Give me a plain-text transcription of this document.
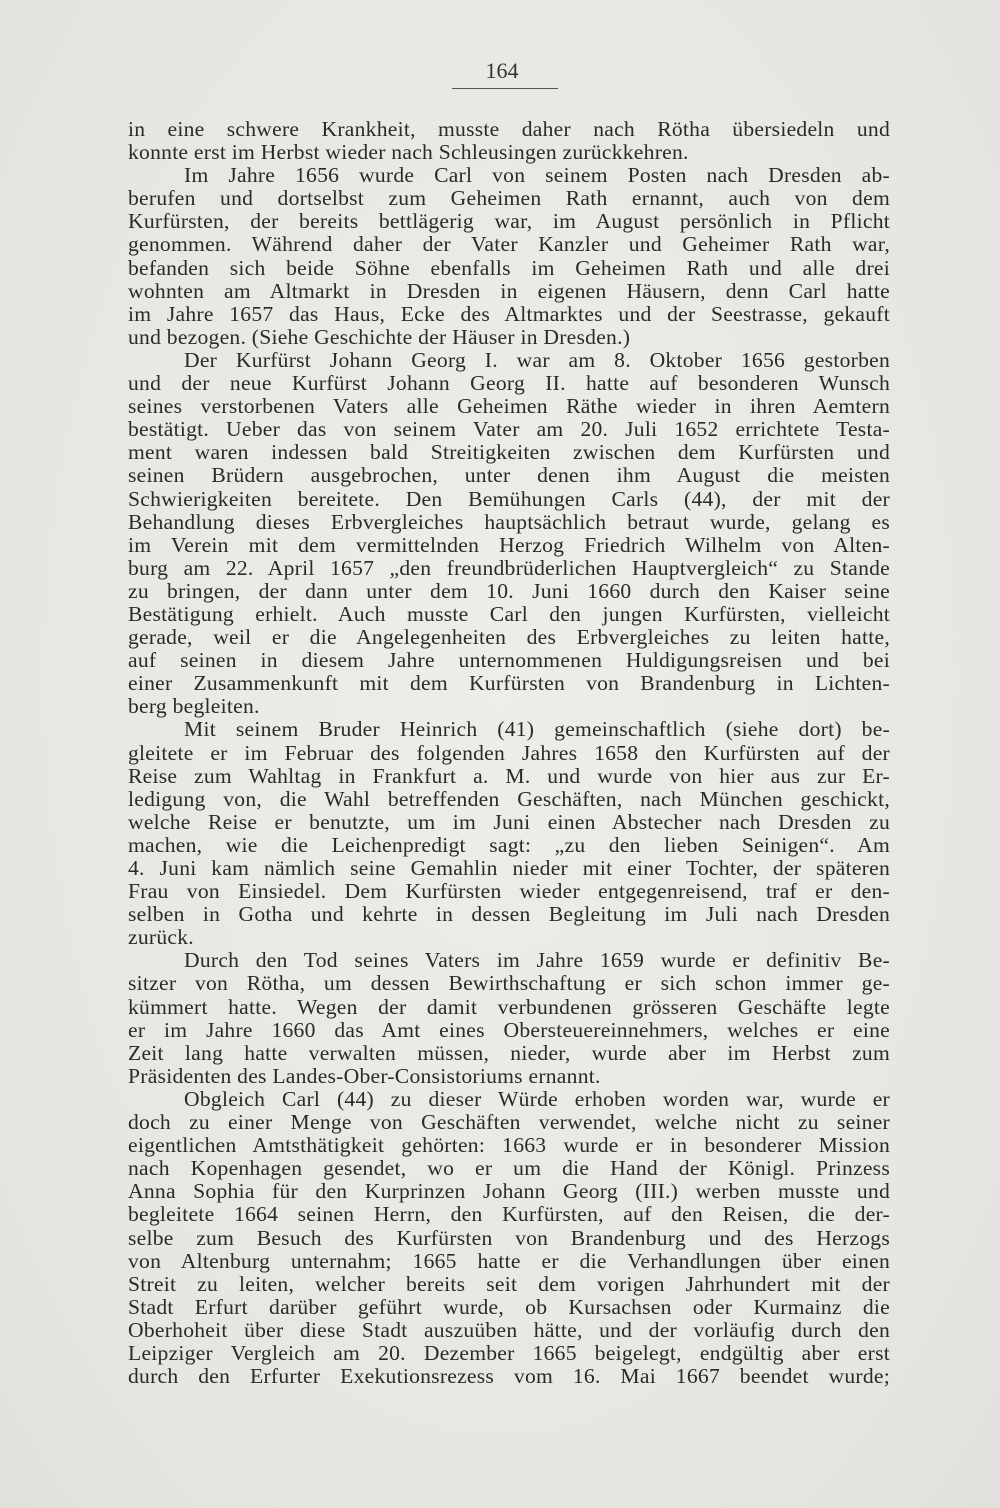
164
in eine schwere Krankheit, musste daher nach Rötha übersiedeln und
konnte erst im Herbst wieder nach Schleusingen zurückkehren.
Im Jahre 1656 wurde Carl von seinem Posten nach Dresden ab-
berufen und dortselbst zum Geheimen Rath ernannt, auch von dem
Kurfürsten, der bereits bettlägerig war, im August persönlich in Pflicht
genommen. Während daher der Vater Kanzler und Geheimer Rath war,
befanden sich beide Söhne ebenfalls im Geheimen Rath und alle drei
wohnten am Altmarkt in Dresden in eigenen Häusern, denn Carl hatte
im Jahre 1657 das Haus, Ecke des Altmarktes und der Seestrasse, gekauft
und bezogen. (Siehe Geschichte der Häuser in Dresden.)
Der Kurfürst Johann Georg I. war am 8. Oktober 1656 gestorben
und der neue Kurfürst Johann Georg II. hatte auf besonderen Wunsch
seines verstorbenen Vaters alle Geheimen Räthe wieder in ihren Aemtern
bestätigt. Ueber das von seinem Vater am 20. Juli 1652 errichtete Testa-
ment waren indessen bald Streitigkeiten zwischen dem Kurfürsten und
seinen Brüdern ausgebrochen, unter denen ihm August die meisten
Schwierigkeiten bereitete. Den Bemühungen Carls (44), der mit der
Behandlung dieses Erbvergleiches hauptsächlich betraut wurde, gelang es
im Verein mit dem vermittelnden Herzog Friedrich Wilhelm von Alten-
burg am 22. April 1657 „den freundbrüderlichen Hauptvergleich“ zu Stande
zu bringen, der dann unter dem 10. Juni 1660 durch den Kaiser seine
Bestätigung erhielt. Auch musste Carl den jungen Kurfürsten, vielleicht
gerade, weil er die Angelegenheiten des Erbvergleiches zu leiten hatte,
auf seinen in diesem Jahre unternommenen Huldigungsreisen und bei
einer Zusammenkunft mit dem Kurfürsten von Brandenburg in Lichten-
berg begleiten.
Mit seinem Bruder Heinrich (41) gemeinschaftlich (siehe dort) be-
gleitete er im Februar des folgenden Jahres 1658 den Kurfürsten auf der
Reise zum Wahltag in Frankfurt a. M. und wurde von hier aus zur Er-
ledigung von, die Wahl betreffenden Geschäften, nach München geschickt,
welche Reise er benutzte, um im Juni einen Abstecher nach Dresden zu
machen, wie die Leichenpredigt sagt: „zu den lieben Seinigen“. Am
4. Juni kam nämlich seine Gemahlin nieder mit einer Tochter, der späteren
Frau von Einsiedel. Dem Kurfürsten wieder entgegenreisend, traf er den-
selben in Gotha und kehrte in dessen Begleitung im Juli nach Dresden
zurück.
Durch den Tod seines Vaters im Jahre 1659 wurde er definitiv Be-
sitzer von Rötha, um dessen Bewirthschaftung er sich schon immer ge-
kümmert hatte. Wegen der damit verbundenen grösseren Geschäfte legte
er im Jahre 1660 das Amt eines Obersteuereinnehmers, welches er eine
Zeit lang hatte verwalten müssen, nieder, wurde aber im Herbst zum
Präsidenten des Landes-Ober-Consistoriums ernannt.
Obgleich Carl (44) zu dieser Würde erhoben worden war, wurde er
doch zu einer Menge von Geschäften verwendet, welche nicht zu seiner
eigentlichen Amtsthätigkeit gehörten: 1663 wurde er in besonderer Mission
nach Kopenhagen gesendet, wo er um die Hand der Königl. Prinzess
Anna Sophia für den Kurprinzen Johann Georg (III.) werben musste und
begleitete 1664 seinen Herrn, den Kurfürsten, auf den Reisen, die der-
selbe zum Besuch des Kurfürsten von Brandenburg und des Herzogs
von Altenburg unternahm; 1665 hatte er die Verhandlungen über einen
Streit zu leiten, welcher bereits seit dem vorigen Jahrhundert mit der
Stadt Erfurt darüber geführt wurde, ob Kursachsen oder Kurmainz die
Oberhoheit über diese Stadt auszuüben hätte, und der vorläufig durch den
Leipziger Vergleich am 20. Dezember 1665 beigelegt, endgültig aber erst
durch den Erfurter Exekutionsrezess vom 16. Mai 1667 beendet wurde;
